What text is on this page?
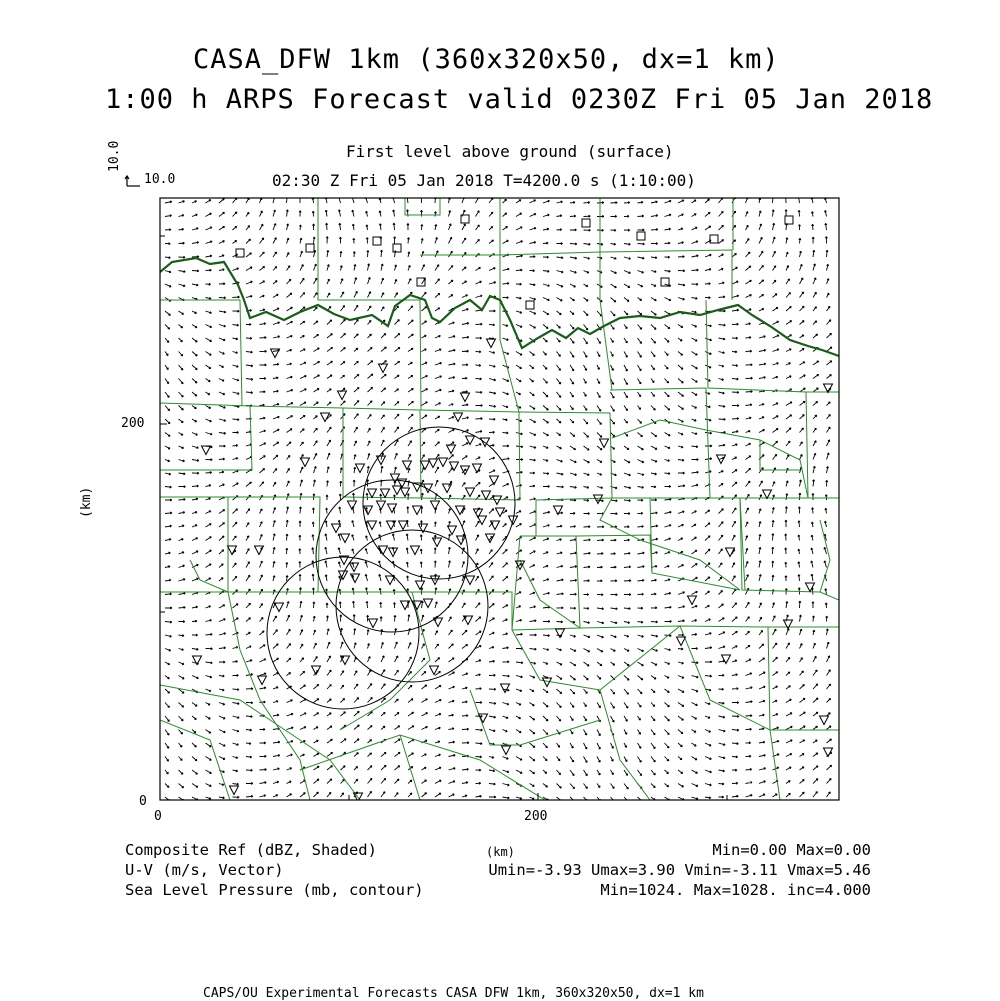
CASA_DFW 1km (360x320x50, dx=1 km)
1:00 h ARPS Forecast valid 0230Z Fri 05 Jan 2018
First level above ground (surface)
02:30 Z Fri 05 Jan 2018 T=4200.0 s (1:10:00)
10.0
10.0
200
0
0	200
(km)
(km)
Composite Ref (dBZ, Shaded)
U-V (m/s, Vector)
Sea Level Pressure (mb, contour)
Min=0.00 Max=0.00
Umin=-3.93 Umax=3.90 Vmin=-3.11 Vmax=5.46
Min=1024. Max=1028. inc=4.000
CAPS/OU Experimental Forecasts CASA DFW 1km, 360x320x50, dx=1 km
